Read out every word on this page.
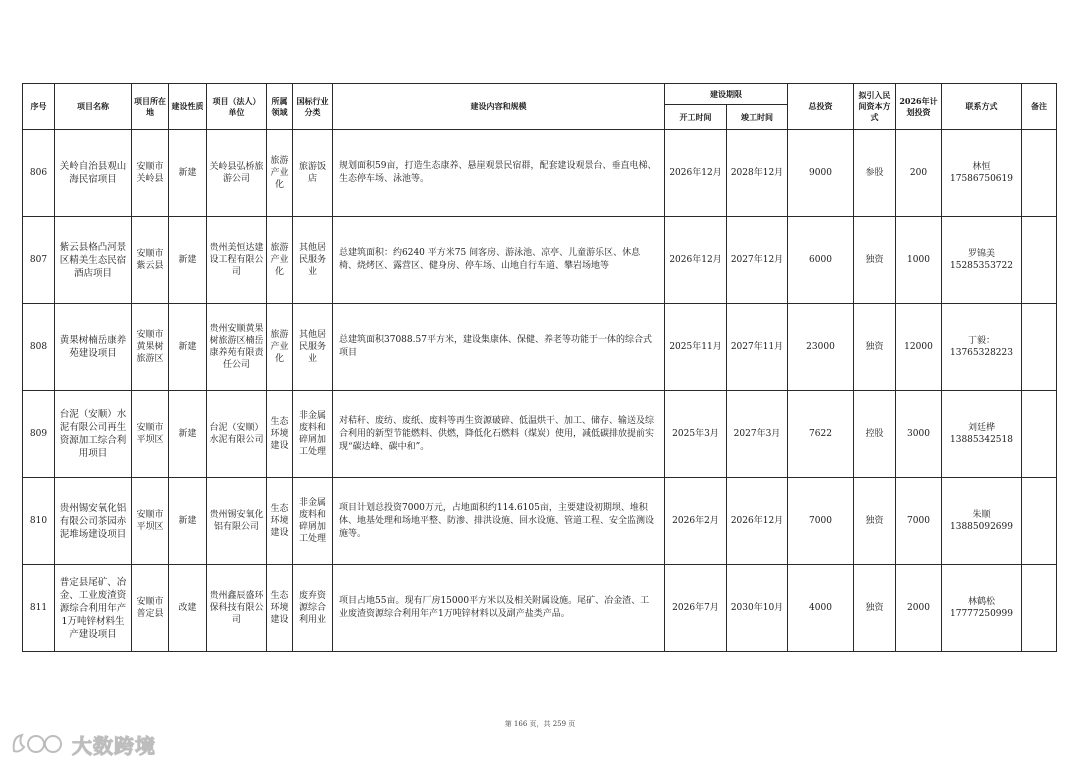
序号	项目名称	项目所在地	建设性质	项目（法人）单位	所属领域	国标行业分类	建设内容和规模	建设期限		总投资	拟引入民间资本方式	2026年计划投资	联系方式	备注
								开工时间	竣工时间					
806	关岭自治县观山海民宿项目	安顺市关岭县	新建	关岭县弘桥旅游公司	旅游产业化	旅游饭店	规划面积59亩，打造生态康养、悬崖观景民宿群，配套建设观景台、垂直电梯、生态停车场、泳池等。	2026年12月	2028年12月	9000	参股	200	林恒
17586750619	
807	紫云县格凸河景区精美生态民宿酒店项目	安顺市紫云县	新建	贵州美恒达建设工程有限公司	旅游产业化	其他居民服务业	总建筑面积：约6240 平方米75 间客房、游泳池、凉亭、儿童游乐区、休息椅、烧烤区、露营区、健身房、停车场、山地自行车道、攀岩场地等	2026年12月	2027年12月	6000	独资	1000	罗锦美
15285353722	
808	黄果树楠岳康养苑建设项目	安顺市黄果树旅游区	新建	贵州安顺黄果树旅游区楠岳康养苑有限责任公司	旅游产业化	其他居民服务业	总建筑面积37088.57平方米，建设集康体、保健、养老等功能于一体的综合式项目	2025年11月	2027年11月	23000	独资	12000	丁毅：
13765328223	
809	台泥（安顺）水泥有限公司再生资源加工综合利用项目	安顺市平坝区	新建	台泥（安顺）水泥有限公司	生态环境建设	非金属废料和碎屑加工处理	对秸秆、废纺、废纸、废料等再生资源破碎、低温烘干、加工、储存、输送及综合利用的新型节能燃料、供燃，降低化石燃料（煤炭）使用，减低碳排放提前实现“碳达峰、碳中和”。	2025年3月	2027年3月	7622	控股	3000	刘廷桦
13885342518	
810	贵州锡安氧化铝有限公司茶园赤泥堆场建设项目	安顺市平坝区	新建	贵州锡安氧化铝有限公司	生态环境建设	非金属废料和碎屑加工处理	项目计划总投资7000万元，占地面积约114.6105亩，主要建设初期坝、堆积体、地基处理和场地平整、防渗、排洪设施、回水设施、管道工程、安全监测设施等。	2026年2月	2026年12月	7000	独资	7000	朱顺
13885092699	
811	普定县尾矿、冶金、工业废渣资源综合利用年产1万吨锌材料生产建设项目	安顺市普定县	改建	贵州鑫辰盛环保科技有限公司	生态环境建设	废弃资源综合利用业	项目占地55亩。现有厂房15000平方米以及相关附属设施。尾矿、冶金渣、工业废渣资源综合利用年产1万吨锌材料以及副产盐类产品。	2026年7月	2030年10月	4000	独资	2000	林鹤松
17777250999	
第 166 页，共 259 页
大数跨境
